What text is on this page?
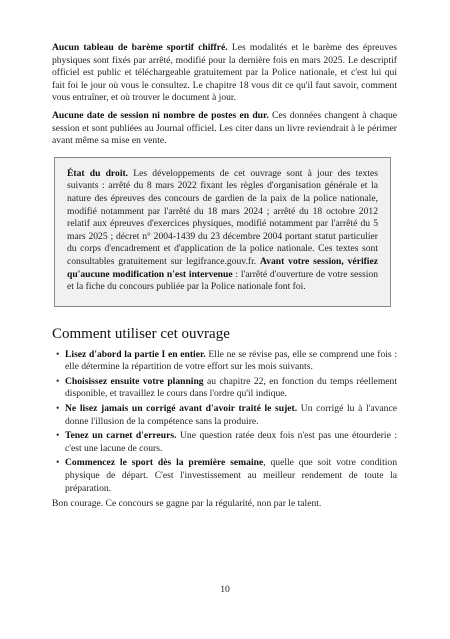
Aucun tableau de barème sportif chiffré. Les modalités et le barème des épreuves physiques sont fixés par arrêté, modifié pour la dernière fois en mars 2025. Le descriptif officiel est public et téléchargeable gratuitement par la Police nationale, et c'est lui qui fait foi le jour où vous le consultez. Le chapitre 18 vous dit ce qu'il faut savoir, comment vous entraîner, et où trouver le document à jour.

Aucune date de session ni nombre de postes en dur. Ces données changent à chaque session et sont publiées au Journal officiel. Les citer dans un livre reviendrait à le périmer avant même sa mise en vente.

État du droit. Les développements de cet ouvrage sont à jour des textes suivants : arrêté du 8 mars 2022 fixant les règles d'organisation générale et la nature des épreuves des concours de gardien de la paix de la police nationale, modifié notamment par l'arrêté du 18 mars 2024 ; arrêté du 18 octobre 2012 relatif aux épreuves d'exercices physiques, modifié notamment par l'arrêté du 5 mars 2025 ; décret n° 2004-1439 du 23 décembre 2004 portant statut particulier du corps d'encadrement et d'application de la police nationale. Ces textes sont consultables gratuitement sur legifrance.gouv.fr. Avant votre session, vérifiez qu'aucune modification n'est intervenue : l'arrêté d'ouverture de votre session et la fiche du concours publiée par la Police nationale font foi.

Comment utiliser cet ouvrage
• Lisez d'abord la partie I en entier. Elle ne se révise pas, elle se comprend une fois : elle détermine la répartition de votre effort sur les mois suivants.

• Choisissez ensuite votre planning au chapitre 22, en fonction du temps réellement disponible, et travaillez le cours dans l'ordre qu'il indique.

• Ne lisez jamais un corrigé avant d'avoir traité le sujet. Un corrigé lu à l'avance donne l'illusion de la compétence sans la produire.

• Tenez un carnet d'erreurs. Une question ratée deux fois n'est pas une étourderie : c'est une lacune de cours.

• Commencez le sport dès la première semaine, quelle que soit votre condition physique de départ. C'est l'investissement au meilleur rendement de toute la préparation.

Bon courage. Ce concours se gagne par la régularité, non par le talent.

10
